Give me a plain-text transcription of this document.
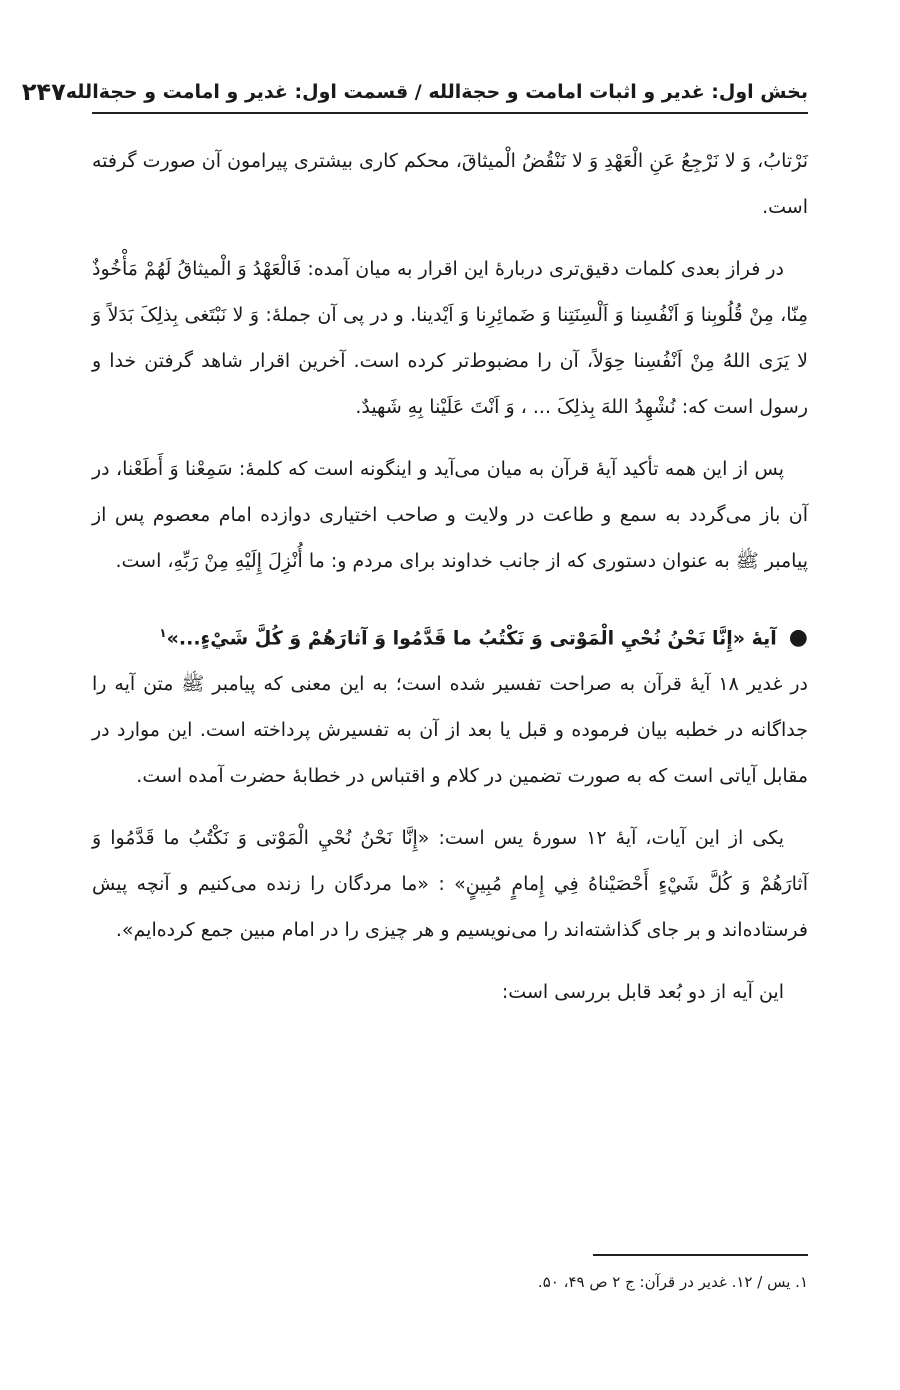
بخش اول: غدیر و اثبات امامت و حجة‌الله / قسمت اول: غدیر و امامت و حجة‌الله
۲۴۷

نَرْتابُ، وَ لا نَرْجِعُ عَنِ الْعَهْدِ وَ لا نَنْقُضُ الْميثاقَ، محکم کاری بیشتری پیرامون آن صورت گرفته است.

در فراز بعدی کلمات دقیق‌تری دربارهٔ این اقرار به میان آمده: فَالْعَهْدُ وَ الْميثاقُ لَهُمْ مَأْخُوذٌ مِنّا، مِنْ قُلُوبِنا وَ اَنْفُسِنا وَ اَلْسِنَتِنا وَ ضَمائِرِنا وَ اَيْدينا. و در پی آن جملهٔ: وَ لا نَبْتَغی بِذلِکَ بَدَلاً وَ لا يَرَى اللهُ مِنْ اَنْفُسِنا حِوَلاً، آن را مضبوط‌تر کرده است. آخرین اقرار شاهد گرفتن خدا و رسول است که: نُشْهِدُ اللهَ بِذلِکَ ... ، وَ اَنْتَ عَلَيْنا بِهِ شَهيدٌ.

پس از این همه تأکید آیهٔ قرآن به میان می‌آید و اینگونه است که کلمهٔ: سَمِعْنا وَ أَطَعْنا، در آن باز می‌گردد به سمع و طاعت در ولایت و صاحب اختیاری دوازده امام معصوم پس از پیامبر ﷺ به عنوان دستوری که از جانب خداوند برای مردم و: ما أُنْزِلَ إِلَيْهِ مِنْ رَبِّهِ، است.

●
آیهٔ «إِنَّا نَحْنُ نُحْيِ الْمَوْتى وَ نَكْتُبُ ما قَدَّمُوا وَ آثارَهُمْ وَ كُلَّ شَيْءٍ...»$^۱$

در غدیر ۱۸ آیهٔ قرآن به صراحت تفسیر شده است؛ به این معنی که پیامبر ﷺ متن آیه را جداگانه در خطبه بیان فرموده و قبل یا بعد از آن به تفسیرش پرداخته است. این موارد در مقابل آیاتی است که به صورت تضمین در کلام و اقتباس در خطابهٔ حضرت آمده است.

یکی از این آیات، آیهٔ ۱۲ سورهٔ یس است: «إِنَّا نَحْنُ نُحْيِ الْمَوْتى وَ نَكْتُبُ ما قَدَّمُوا وَ آثارَهُمْ وَ كُلَّ شَيْءٍ أَحْصَيْناهُ فِي إِمامٍ مُبِينٍ» : «ما مردگان را زنده می‌کنیم و آنچه پیش فرستاده‌اند و بر جای گذاشته‌اند را می‌نویسیم و هر چیزی را در امام مبین جمع کرده‌ایم».

این آیه از دو بُعد قابل بررسی است:

۱. یس / ۱۲. غدیر در قرآن: ج ۲ ص ۴۹، ۵۰.
